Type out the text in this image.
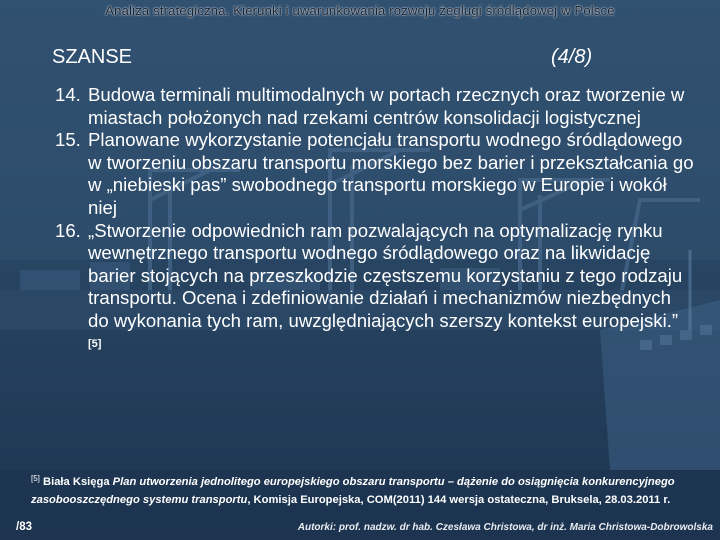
Analiza strategiczna. Kierunki i uwarunkowania rozwoju żeglugi śródlądowej w Polsce
SZANSE	(4/8)
14. Budowa terminali multimodalnych w portach rzecznych oraz tworzenie w miastach położonych nad rzekami centrów konsolidacji logistycznej
15. Planowane wykorzystanie potencjału transportu wodnego śródlądowego w tworzeniu obszaru transportu morskiego bez barier i przekształcania go w „niebieski pas” swobodnego transportu morskiego w Europie i wokół niej
16. „Stworzenie odpowiednich ram pozwalających na optymalizację rynku wewnętrznego transportu wodnego śródlądowego oraz na likwidację barier stojących na przeszkodzie częstszemu korzystaniu z tego rodzaju transportu. Ocena i zdefiniowanie działań i mechanizmów niezbędnych do wykonania tych ram, uwzględniających szerszy kontekst europejski.” [5]
[5] Biała Księga Plan utworzenia jednolitego europejskiego obszaru transportu – dążenie do osiągnięcia konkurencyjnego zasobooszczędnego systemu transportu, Komisja Europejska, COM(2011) 144 wersja ostateczna, Bruksela, 28.03.2011 r.
/83	Autorki: prof. nadzw. dr hab. Czesława Christowa, dr inż. Maria Christowa-Dobrowolska
